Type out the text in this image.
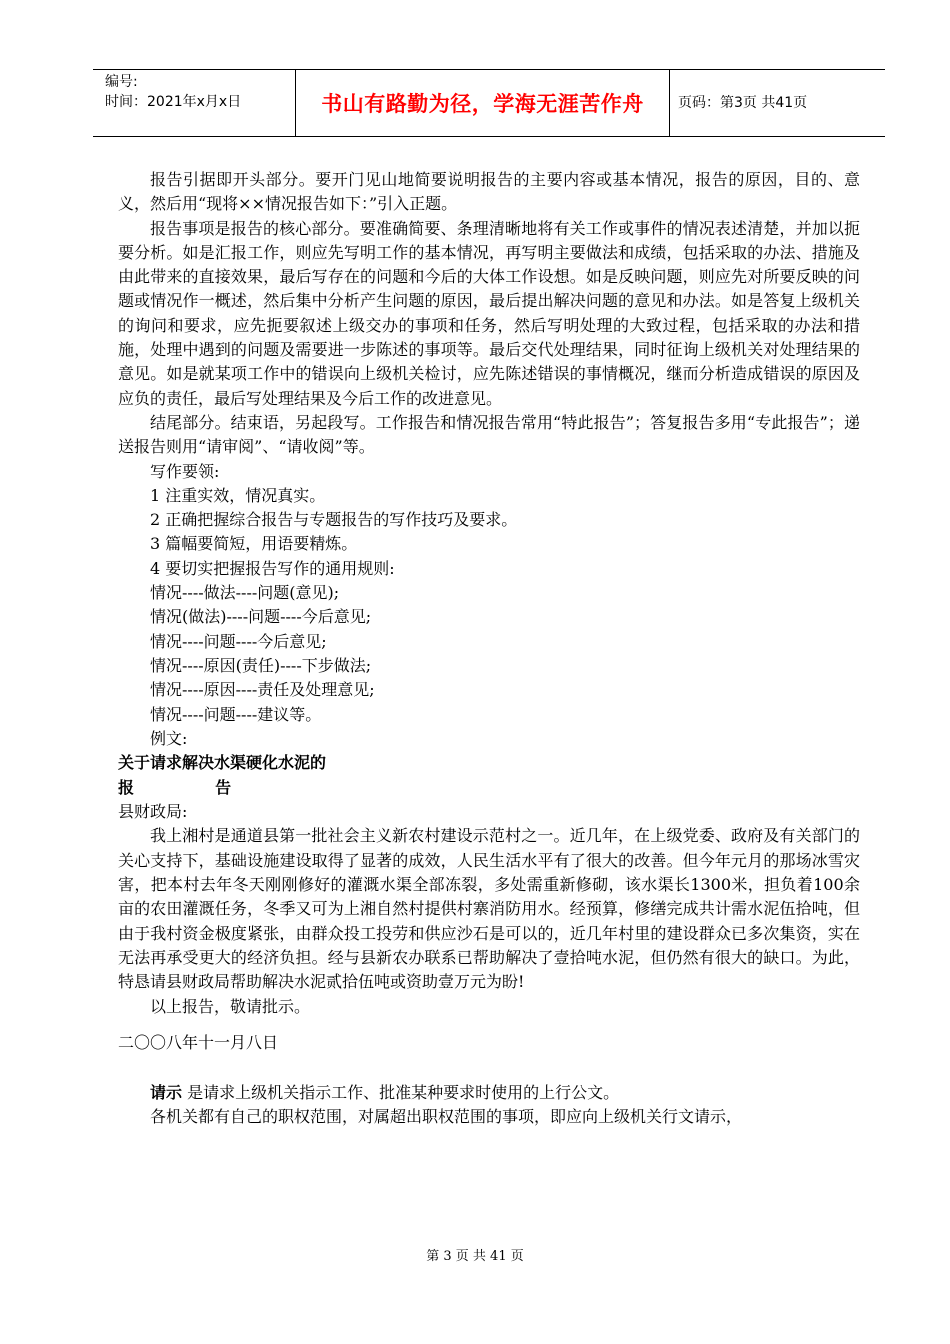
编号:
时间：2021年x月x日	书山有路勤为径，学海无涯苦作舟 页码：第3页 共41页

报告引据即开头部分。要开门见山地简要说明报告的主要内容或基本情况，报告的原因，目的、意义，然后用“现将××情况报告如下：”引入正题。

报告事项是报告的核心部分。要准确简要、条理清晰地将有关工作或事件的情况表述清楚，并加以扼要分析。如是汇报工作，则应先写明工作的基本情况，再写明主要做法和成绩，包括采取的办法、措施及由此带来的直接效果，最后写存在的问题和今后的大体工作设想。如是反映问题，则应先对所要反映的问题或情况作一概述，然后集中分析产生问题的原因，最后提出解决问题的意见和办法。如是答复上级机关的询问和要求，应先扼要叙述上级交办的事项和任务，然后写明处理的大致过程，包括采取的办法和措施，处理中遇到的问题及需要进一步陈述的事项等。最后交代处理结果，同时征询上级机关对处理结果的意见。如是就某项工作中的错误向上级机关检讨，应先陈述错误的事情概况，继而分析造成错误的原因及应负的责任，最后写处理结果及今后工作的改进意见。

结尾部分。结束语，另起段写。工作报告和情况报告常用“特此报告”；答复报告多用“专此报告”；递送报告则用“请审阅”、“请收阅”等。

写作要领:

1 注重实效，情况真实。

2 正确把握综合报告与专题报告的写作技巧及要求。

3 篇幅要简短，用语要精炼。

4 要切实把握报告写作的通用规则:

情况----做法----问题(意见);

情况(做法)----问题----今后意见;

情况----问题----今后意见;

情况----原因(责任)----下步做法;

情况----原因----责任及处理意见;

情况----问题----建议等。

例文:

关于请求解决水渠硬化水泥的

报	告

县财政局:

我上湘村是通道县第一批社会主义新农村建设示范村之一。近几年，在上级党委、政府及有关部门的关心支持下，基础设施建设取得了显著的成效，人民生活水平有了很大的改善。但今年元月的那场冰雪灾害，把本村去年冬天刚刚修好的灌溉水渠全部冻裂，多处需重新修砌，该水渠长1300米，担负着100余亩的农田灌溉任务，冬季又可为上湘自然村提供村寨消防用水。经预算，修缮完成共计需水泥伍拾吨，但由于我村资金极度紧张，由群众投工投劳和供应沙石是可以的，近几年村里的建设群众已多次集资，实在无法再承受更大的经济负担。经与县新农办联系已帮助解决了壹拾吨水泥，但仍然有很大的缺口。为此，特恳请县财政局帮助解决水泥贰拾伍吨或资助壹万元为盼!

以上报告，敬请批示。

二〇〇八年十一月八日

请示 是请求上级机关指示工作、批准某种要求时使用的上行公文。

各机关都有自己的职权范围，对属超出职权范围的事项，即应向上级机关行文请示，

第 3 页 共 41 页
